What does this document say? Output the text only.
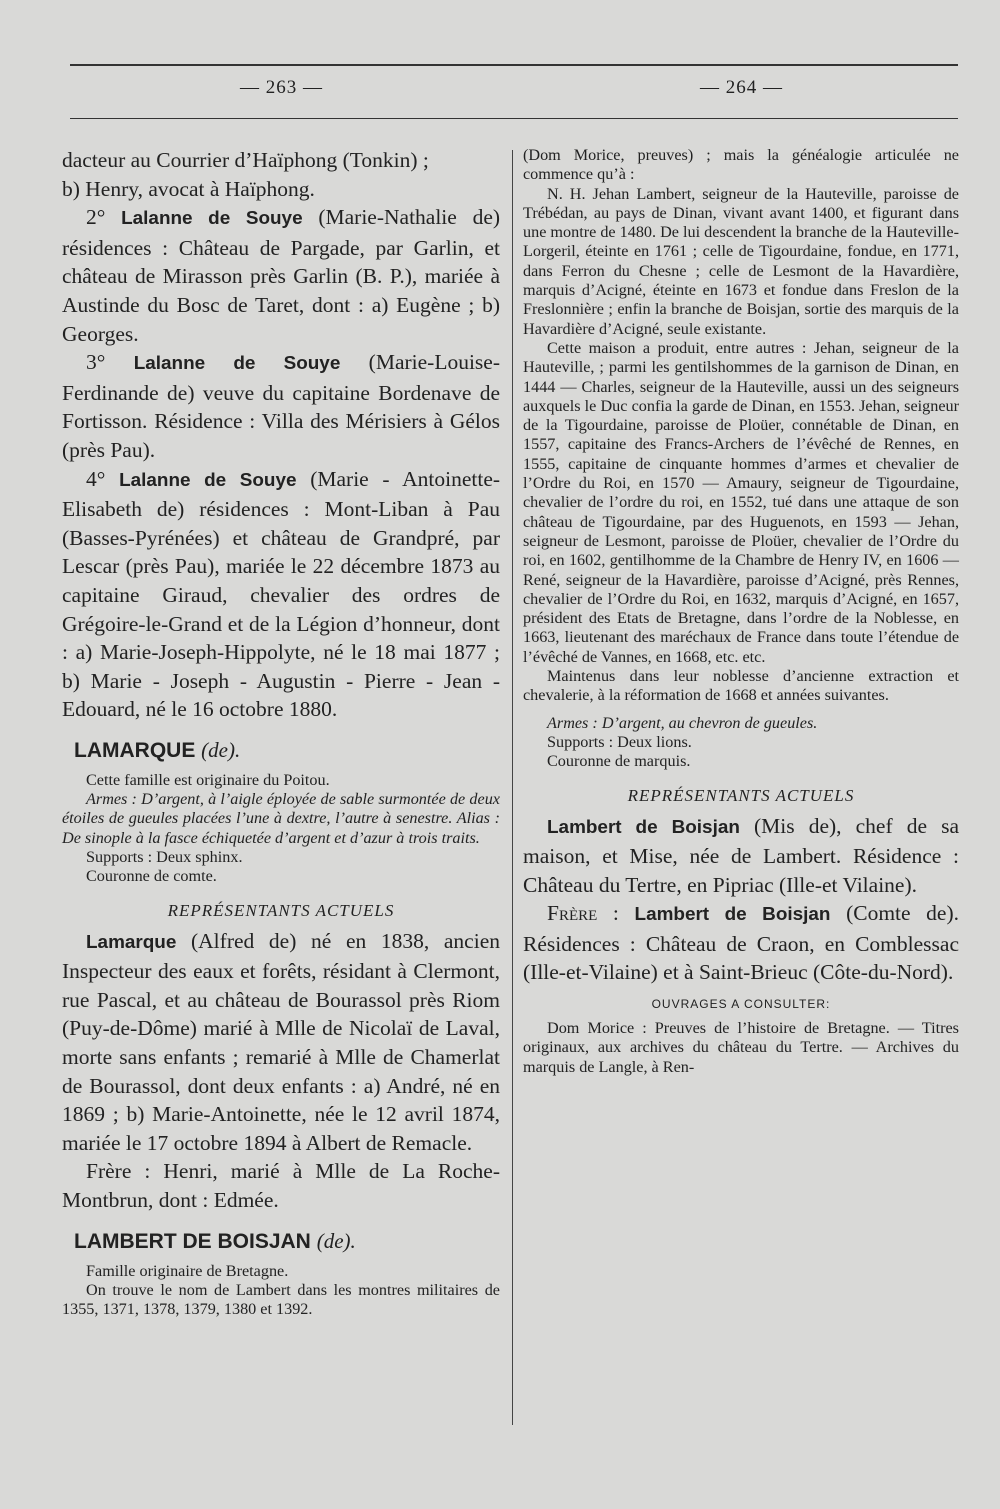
— 263 —	— 264 —

dacteur au Courrier d’Haïphong (Tonkin) ;

b) Henry, avocat à Haïphong.

2° Lalanne de Souye (Marie-Nathalie de) résidences : Château de Pargade, par Garlin, et château de Mirasson près Garlin (B. P.), mariée à Austinde du Bosc de Taret, dont : a) Eugène ; b) Georges.

3° Lalanne de Souye (Marie-Louise-Ferdinande de) veuve du capitaine Bordenave de Fortisson. Résidence : Villa des Mérisiers à Gélos (près Pau).

4° Lalanne de Souye (Marie - Antoinette-Elisabeth de) résidences : Mont-Liban à Pau (Basses-Pyrénées) et château de Grandpré, par Lescar (près Pau), mariée le 22 décembre 1873 au capitaine Giraud, chevalier des ordres de Grégoire-le-Grand et de la Légion d’honneur, dont : a) Marie-Joseph-Hippolyte, né le 18 mai 1877 ; b) Marie - Joseph - Augustin - Pierre - Jean - Edouard, né le 16 octobre 1880.

LAMARQUE (de).

Cette famille est originaire du Poitou.

Armes : D’argent, à l’aigle éployée de sable surmontée de deux étoiles de gueules placées l’une à dextre, l’autre à senestre. Alias : De sinople à la fasce échiquetée d’argent et d’azur à trois traits.

Supports : Deux sphinx.

Couronne de comte.

REPRÉSENTANTS ACTUELS

Lamarque (Alfred de) né en 1838, ancien Inspecteur des eaux et forêts, résidant à Clermont, rue Pascal, et au château de Bourassol près Riom (Puy-de-Dôme) marié à Mlle de Nicolaï de Laval, morte sans enfants ; remarié à Mlle de Chamerlat de Bourassol, dont deux enfants : a) André, né en 1869 ; b) Marie-Antoinette, née le 12 avril 1874, mariée le 17 octobre 1894 à Albert de Remacle.

Frère : Henri, marié à Mlle de La Roche-Montbrun, dont : Edmée.

LAMBERT DE BOISJAN (de).

Famille originaire de Bretagne.

On trouve le nom de Lambert dans les montres militaires de 1355, 1371, 1378, 1379, 1380 et 1392.

(Dom Morice, preuves) ; mais la généalogie articulée ne commence qu’à :

N. H. Jehan Lambert, seigneur de la Hauteville, paroisse de Trébédan, au pays de Dinan, vivant avant 1400, et figurant dans une montre de 1480. De lui descendent la branche de la Hauteville-Lorgeril, éteinte en 1761 ; celle de Tigourdaine, fondue, en 1771, dans Ferron du Chesne ; celle de Lesmont de la Havardière, marquis d’Acigné, éteinte en 1673 et fondue dans Freslon de la Freslonnière ; enfin la branche de Boisjan, sortie des marquis de la Havardière d’Acigné, seule existante.

Cette maison a produit, entre autres : Jehan, seigneur de la Hauteville, ; parmi les gentilshommes de la garnison de Dinan, en 1444 — Charles, seigneur de la Hauteville, aussi un des seigneurs auxquels le Duc confia la garde de Dinan, en 1553. Jehan, seigneur de la Tigourdaine, paroisse de Ploüer, connétable de Dinan, en 1557, capitaine des Francs-Archers de l’évêché de Rennes, en 1555, capitaine de cinquante hommes d’armes et chevalier de l’Ordre du Roi, en 1570 — Amaury, seigneur de Tigourdaine, chevalier de l’ordre du roi, en 1552, tué dans une attaque de son château de Tigourdaine, par des Huguenots, en 1593 — Jehan, seigneur de Lesmont, paroisse de Ploüer, chevalier de l’Ordre du roi, en 1602, gentilhomme de la Chambre de Henry IV, en 1606 — René, seigneur de la Havardière, paroisse d’Acigné, près Rennes, chevalier de l’Ordre du Roi, en 1632, marquis d’Acigné, en 1657, président des Etats de Bretagne, dans l’ordre de la Noblesse, en 1663, lieutenant des maréchaux de France dans toute l’étendue de l’évêché de Vannes, en 1668, etc. etc.

Maintenus dans leur noblesse d’ancienne extraction et chevalerie, à la réformation de 1668 et années suivantes.

Armes : D’argent, au chevron de gueules.

Supports : Deux lions.

Couronne de marquis.

REPRÉSENTANTS ACTUELS

Lambert de Boisjan (Mis de), chef de sa maison, et Mise, née de Lambert. Résidence : Château du Tertre, en Pipriac (Ille-et Vilaine).

Frère : Lambert de Boisjan (Comte de). Résidences : Château de Craon, en Comblessac (Ille-et-Vilaine) et à Saint-Brieuc (Côte-du-Nord).

OUVRAGES A CONSULTER:

Dom Morice : Preuves de l’histoire de Bretagne. — Titres originaux, aux archives du château du Tertre. — Archives du marquis de Langle, à Ren-
